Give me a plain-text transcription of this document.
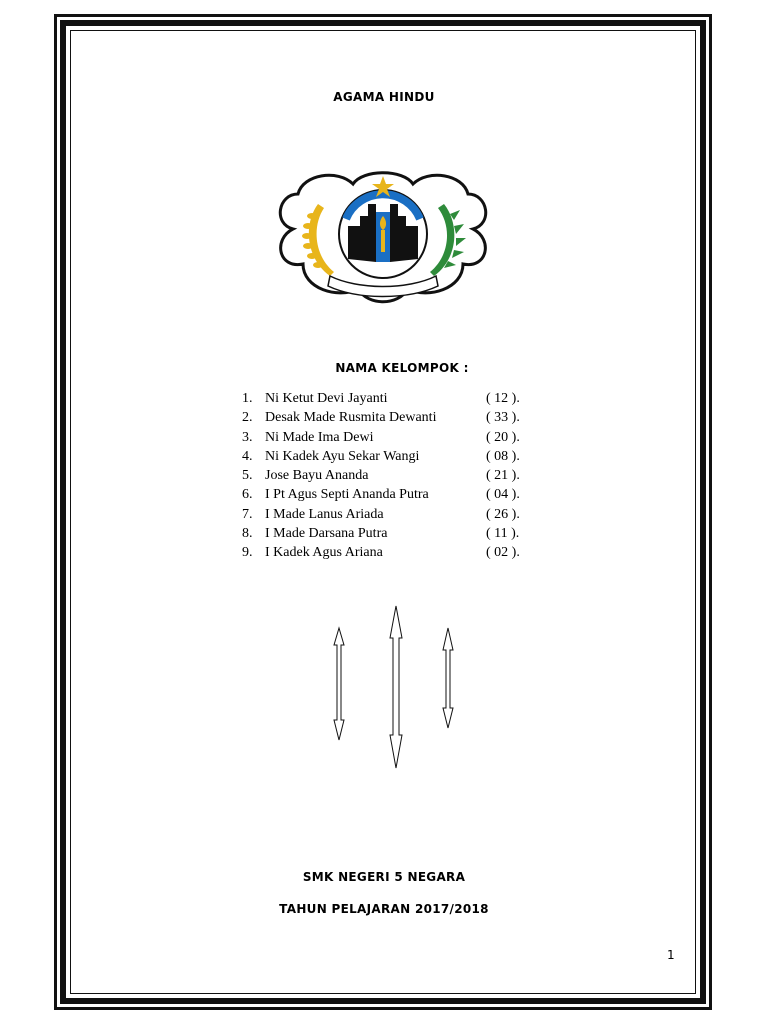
AGAMA HINDU
NAMA KELOMPOK :
1. Ni Ketut Devi Jayanti	( 12 ).
2. Desak Made Rusmita Dewanti	( 33 ).
3. Ni Made Ima Dewi	( 20 ).
4. Ni Kadek Ayu Sekar Wangi	( 08 ).
5. Jose Bayu Ananda	( 21 ).
6. I Pt Agus Septi Ananda Putra	( 04 ).
7. I Made Lanus Ariada	( 26 ).
8. I Made Darsana Putra	( 11 ).
9. I Kadek Agus Ariana	( 02 ).
SMK NEGERI 5 NEGARA
TAHUN PELAJARAN 2017/2018
1
